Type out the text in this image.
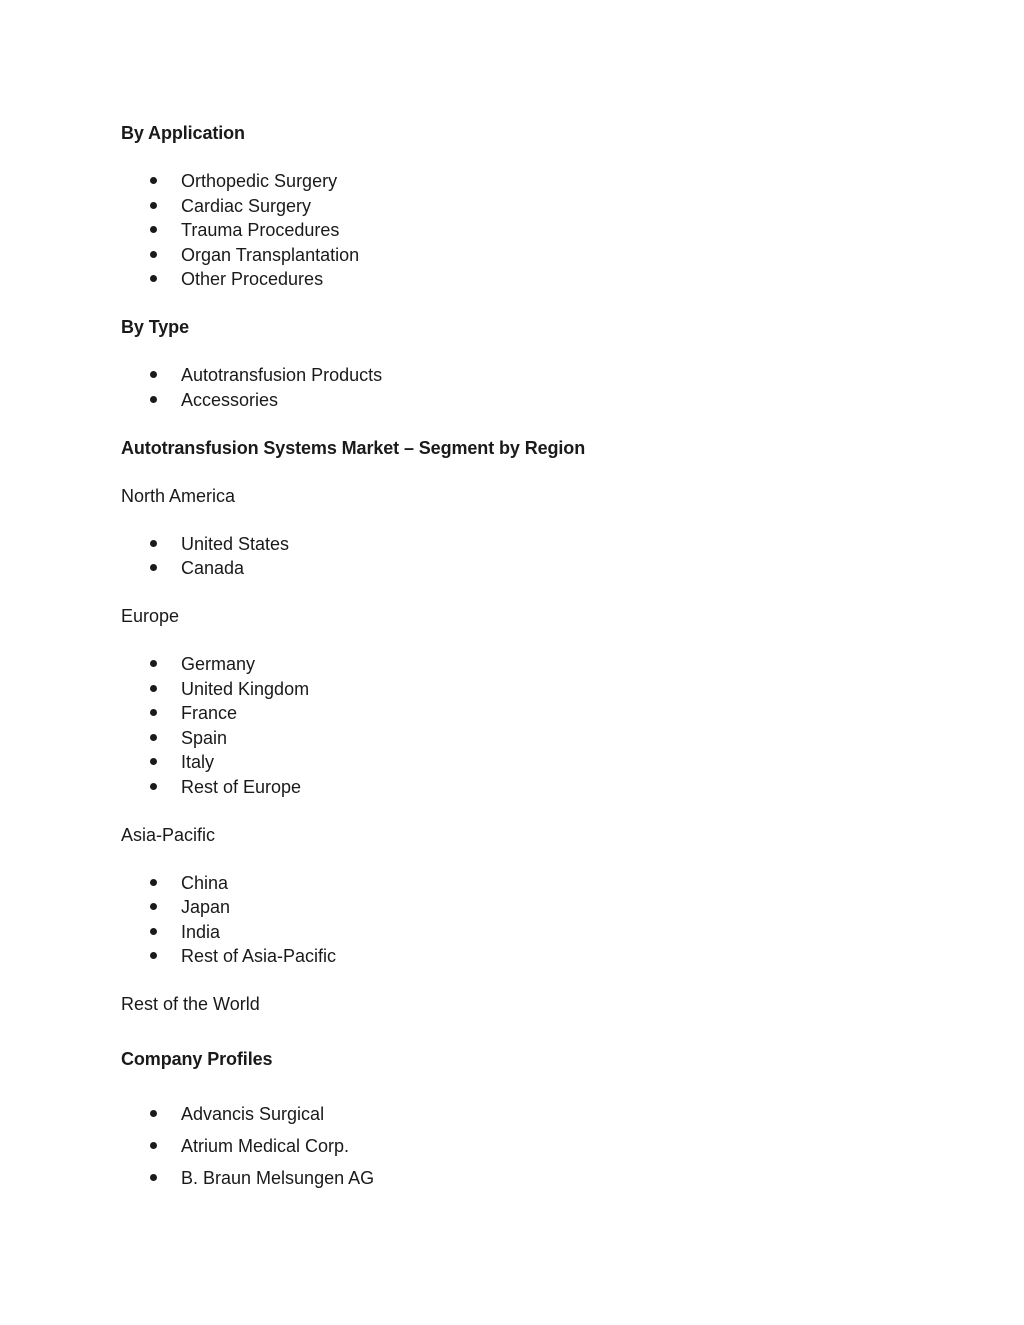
By Application
Orthopedic Surgery
Cardiac Surgery
Trauma Procedures
Organ Transplantation
Other Procedures
By Type
Autotransfusion Products
Accessories
Autotransfusion Systems Market – Segment by Region
North America
United States
Canada
Europe
Germany
United Kingdom
France
Spain
Italy
Rest of Europe
Asia-Pacific
China
Japan
India
Rest of Asia-Pacific
Rest of the World
Company Profiles
Advancis Surgical
Atrium Medical Corp.
B. Braun Melsungen AG
